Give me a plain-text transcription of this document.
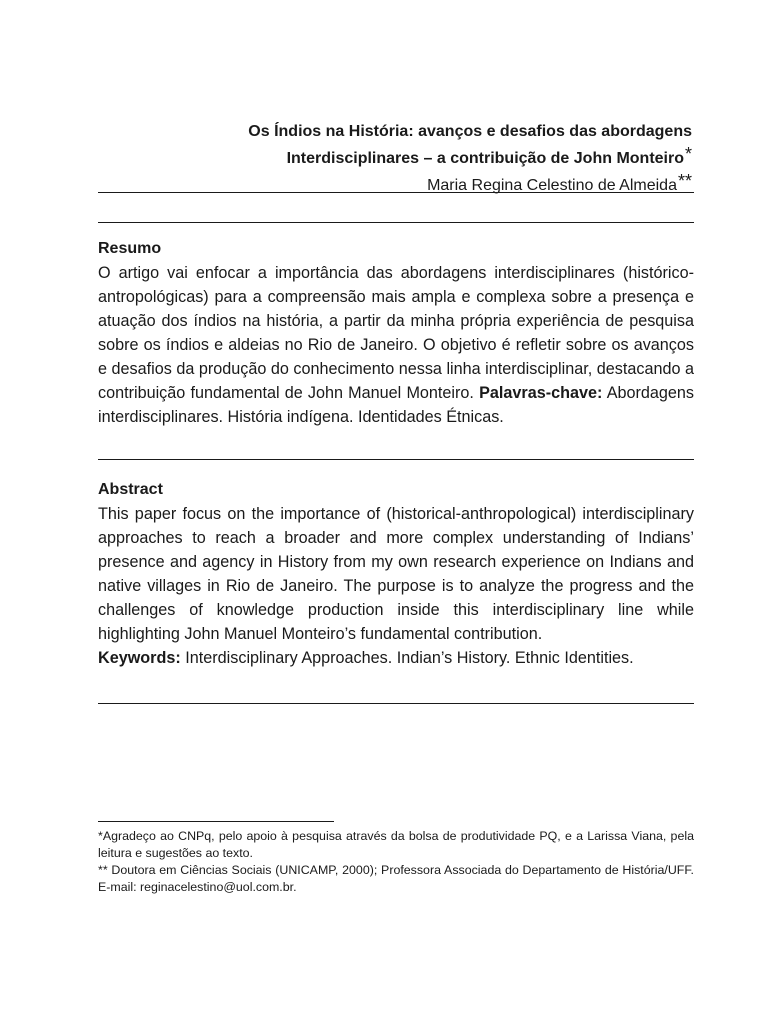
Os Índios na História: avanços e desafios das abordagens
Interdisciplinares – a contribuição de John Monteiro*
Maria Regina Celestino de Almeida**
Resumo
O artigo vai enfocar a importância das abordagens interdisciplinares (histórico-antropológicas) para a compreensão mais ampla e complexa sobre a presença e atuação dos índios na história, a partir da minha própria experiência de pesquisa sobre os índios e aldeias no Rio de Janeiro. O objetivo é refletir sobre os avanços e desafios da produção do conhecimento nessa linha interdisciplinar, destacando a contribuição fundamental de John Manuel Monteiro. Palavras-chave: Abordagens interdisciplinares. História indígena. Identidades Étnicas.
Abstract
This paper focus on the importance of (historical-anthropological) interdisciplinary approaches to reach a broader and more complex understanding of Indians’ presence and agency in History from my own research experience on Indians and native villages in Rio de Janeiro. The purpose is to analyze the progress and the challenges of knowledge production inside this interdisciplinary line while highlighting John Manuel Monteiro’s fundamental contribution.
Keywords: Interdisciplinary Approaches. Indian’s History. Ethnic Identities.

*Agradeço ao CNPq, pelo apoio à pesquisa através da bolsa de produtividade PQ, e a Larissa Viana, pela leitura e sugestões ao texto.

** Doutora em Ciências Sociais (UNICAMP, 2000); Professora Associada do Departamento de História/UFF. E-mail: reginacelestino@uol.com.br.
